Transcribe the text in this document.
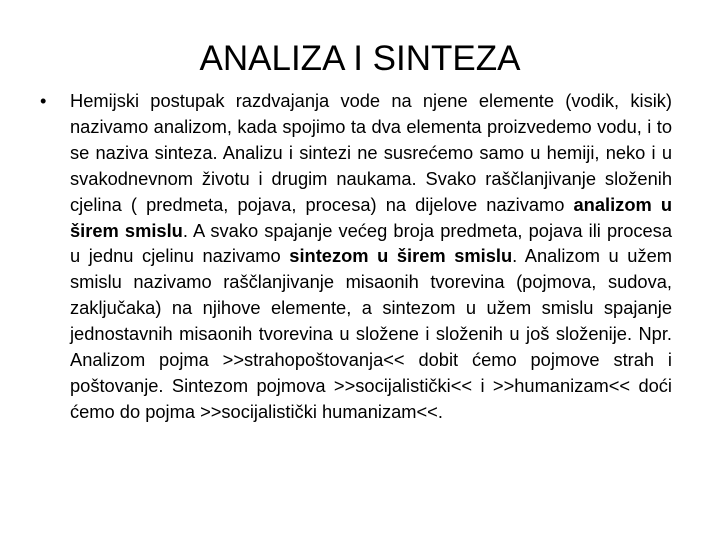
ANALIZA I SINTEZA
•	Hemijski postupak razdvajanja vode na njene elemente (vodik, kisik) nazivamo analizom, kada spojimo ta dva elementa proizvedemo vodu, i to se naziva sinteza. Analizu i sintezi ne susrećemo samo u hemiji, neko i u svakodnevnom životu i drugim naukama. Svako raščlanjivanje složenih cjelina ( predmeta, pojava, procesa) na dijelove nazivamo analizom u širem smislu. A svako spajanje većeg broja predmeta, pojava ili procesa u jednu cjelinu nazivamo sintezom u širem smislu. Analizom u užem smislu nazivamo raščlanjivanje misaonih tvorevina (pojmova, sudova, zaključaka) na njihove elemente, a sintezom u užem smislu spajanje jednostavnih misaonih tvorevina u složene i složenih u još složenije. Npr. Analizom pojma >>strahopoštovanja<< dobit ćemo pojmove strah i poštovanje. Sintezom pojmova >>socijalistički<< i >>humanizam<< doći ćemo do pojma >>socijalistički humanizam<<.
